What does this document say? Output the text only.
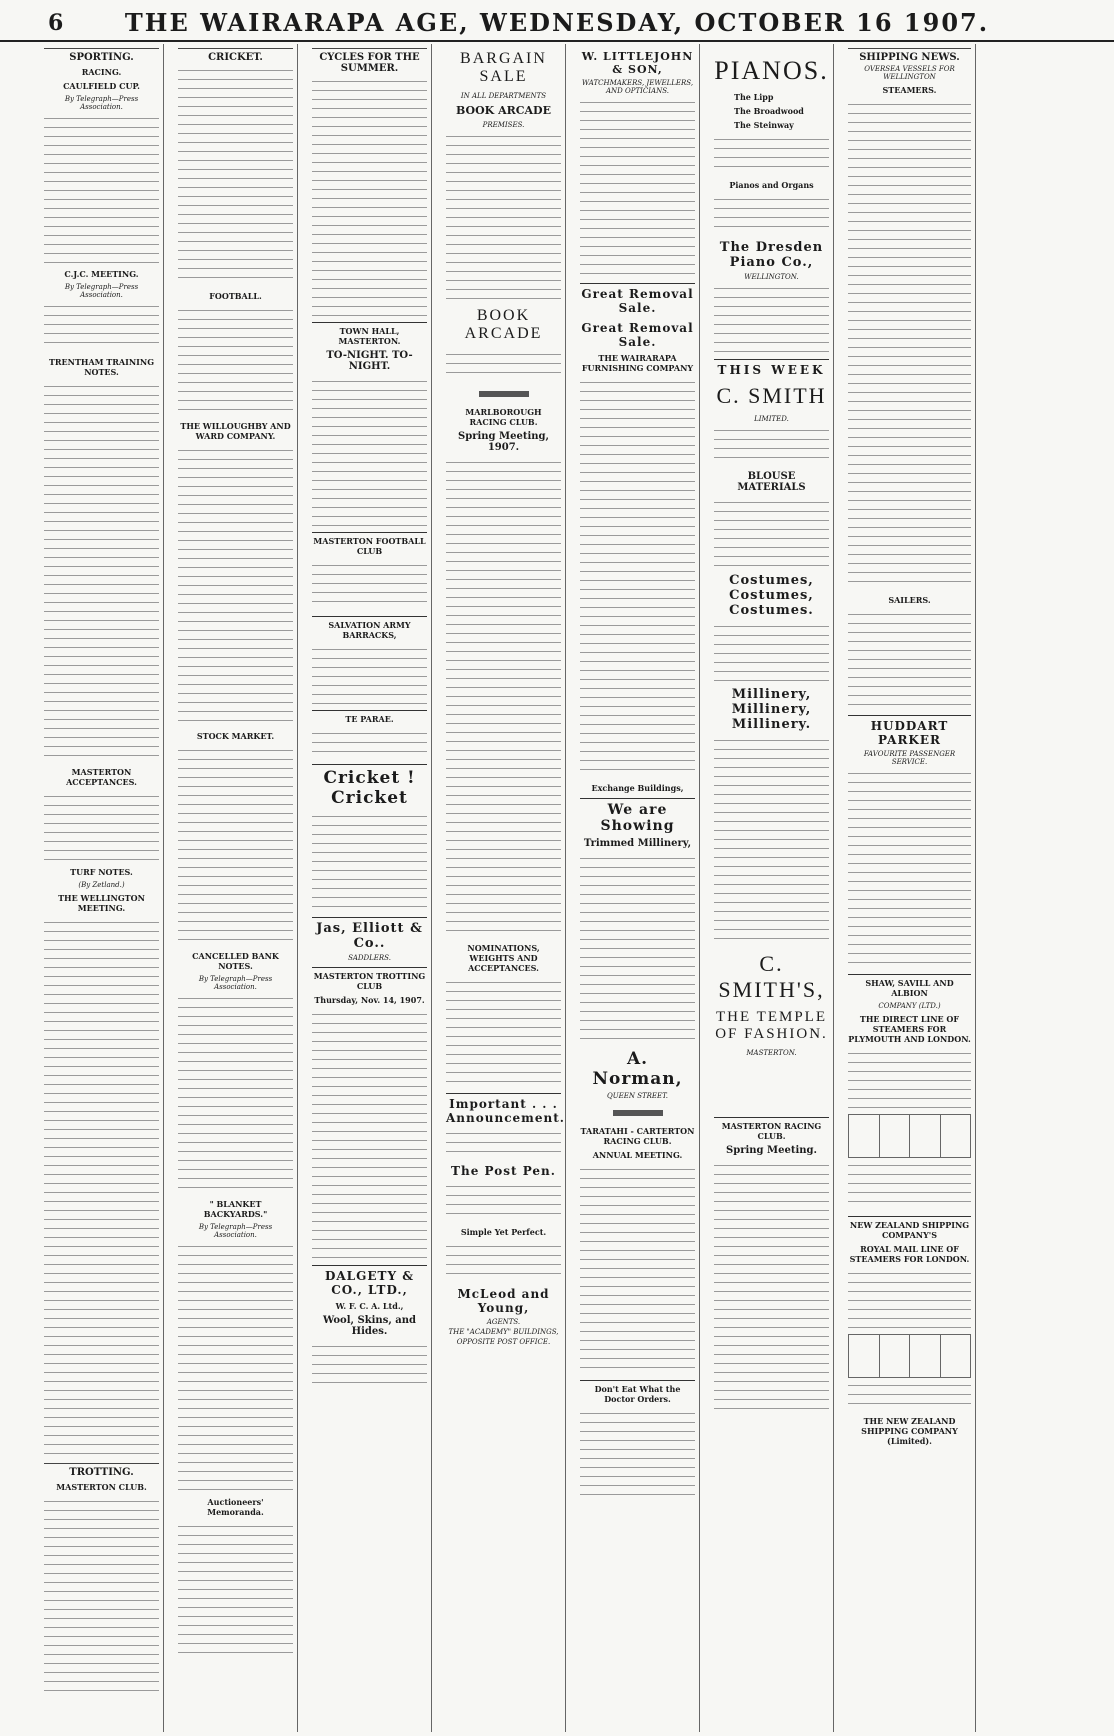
6	THE WAIRARAPA AGE, WEDNESDAY, OCTOBER 16 1907.
SPORTING.
RACING.
CAULFIELD CUP.
By Telegraph—Press Association.
C.J.C. MEETING.
By Telegraph—Press Association.
TRENTHAM TRAINING NOTES.
MASTERTON ACCEPTANCES.
TURF NOTES.
(By Zetland.)
THE WELLINGTON MEETING.
TROTTING.
MASTERTON CLUB.
CRICKET.
FOOTBALL.
THE WILLOUGHBY AND WARD COMPANY.
STOCK MARKET.
CANCELLED BANK NOTES.
By Telegraph—Press Association.
" BLANKET BACKYARDS."
By Telegraph—Press Association.
Auctioneers' Memoranda.
CYCLES FOR THE SUMMER.
TOWN HALL, MASTERTON.
TO-NIGHT. TO-NIGHT.
MASTERTON FOOTBALL CLUB
SALVATION ARMY BARRACKS,
TE PARAE.
Cricket ! Cricket
Jas, Elliott & Co..
SADDLERS.
MASTERTON TROTTING CLUB
Thursday, Nov. 14, 1907.
DALGETY & CO., LTD.,
W. F. C. A. Ltd.,
Wool, Skins, and Hides.
BARGAIN SALE
IN ALL DEPARTMENTS
BOOK ARCADE
PREMISES.
BOOK ARCADE
MARLBOROUGH RACING CLUB.
Spring Meeting, 1907.
NOMINATIONS, WEIGHTS AND ACCEPTANCES.
Important . . . Announcement.
The Post Pen.
Simple Yet Perfect.
McLeod and Young,
AGENTS.
THE "ACADEMY" BUILDINGS,
OPPOSITE POST OFFICE.
W. LITTLEJOHN & SON,
WATCHMAKERS, JEWELLERS, AND OPTICIANS.
Great Removal Sale.
Great Removal Sale.
THE WAIRARAPA FURNISHING COMPANY
Exchange Buildings,
We are Showing
Trimmed Millinery,
A. Norman,
QUEEN STREET.
TARATAHI - CARTERTON RACING CLUB.
ANNUAL MEETING.
Don't Eat What the Doctor Orders.
PIANOS.
The Lipp
The Broadwood
The Steinway
Pianos and Organs
The Dresden Piano Co.,
WELLINGTON.
THIS WEEK
C. SMITH
LIMITED.
BLOUSE MATERIALS
Costumes, Costumes, Costumes.
Millinery, Millinery, Millinery.
C. SMITH'S,
THE TEMPLE OF FASHION.
MASTERTON.
MASTERTON RACING CLUB.
Spring Meeting.
SHIPPING NEWS.
OVERSEA VESSELS FOR WELLINGTON
STEAMERS.
SAILERS.
HUDDART PARKER
FAVOURITE PASSENGER SERVICE.
SHAW, SAVILL AND ALBION
COMPANY (LTD.)
THE DIRECT LINE OF STEAMERS FOR PLYMOUTH AND LONDON.

NEW ZEALAND SHIPPING COMPANY'S
ROYAL MAIL LINE OF STEAMERS FOR LONDON.

THE NEW ZEALAND SHIPPING COMPANY (Limited).
